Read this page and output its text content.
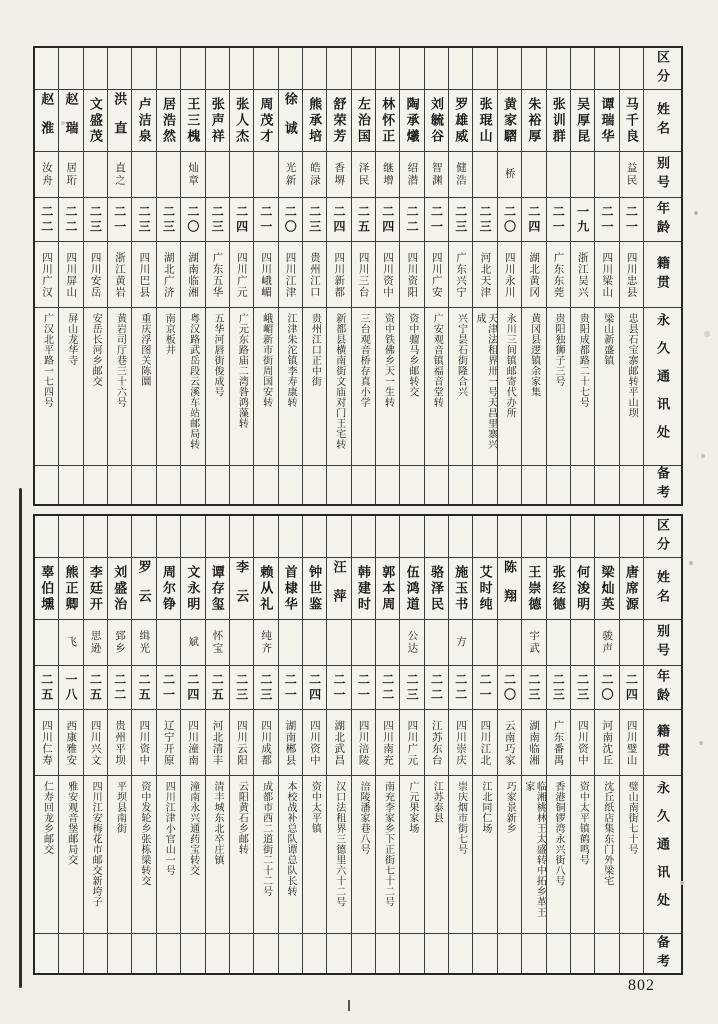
区分
姓名
别号
年龄
籍贯
永久通讯处
备考
马千良
益民
二一
四川忠县
忠县石宝寨邮转平山坝
谭瑞华
二一
四川梁山
梁山新盛镇
吴厚昆
一九
浙江吴兴
贵阳成都路二十七号
张训群
二一
广东东莞
贵阳独狮子三号
朱裕厚
二四
湖北黄冈
黄冈县逻镇余家集
黄家騽
桥
二〇
四川永川
永川三间镇邮寄代办所
张琨山
二三
河北天津
天津法租界卅一号天昌里寨兴成
罗雄威
健浩
二三
广东兴宁
兴宁昙石街隆合兴
刘毓谷
智渊
二一
四川广安
广安观音镇福音堂转
陶承爔
绍潜
二二
四川资阳
资中骝马乡邮转交
林怀正
继增
二四
四川资中
资中铁佛乡天一生转
左治国
泽民
二五
四川三台
三台观音桥存真小学
舒荣芳
香堺
二四
四川新都
新都县横南街文庙对门王宅转
熊承培
皓渌
二三
贵州江口
贵州江口正中街
徐诚
光新
二〇
四川江津
江津朱沱镇李寿康转
周茂才
二一
四川峨嵋
峨嵋新市街周国安转
张人杰
二四
四川广元
广元东路庙二湾昝鸿藻转
张声祥
二三
广东五华
五华河唇街俊成号
王三槐
灿章
二〇
湖南临湘
粤汉路武岳段云溪车站邮局转
居浩然
二三
湖北广济
南京板井
卢洁泉
二三
四川巴县
重庆浮图关陈圜
洪直
直之
二一
浙江黄岩
黄岩司厅巷三十六号
文盛茂
二三
四川安岳
安岳长河乡邮交
赵瑞
居珩
二二
四川屏山
屏山龙华寺
赵淮
汝舟
二二
四川广汉
广汉北平路一七四号
区分
姓名
别号
年龄
籍贯
永久通讯处
备考
唐席源
二四
四川璧山
璧山南街七十号
梁灿英
骏声
二〇
河南沈丘
沈丘纸店集东门外梁宅
何浚明
二三
四川资中
资中太平镇鹤鸣号
张经德
二三
广东番禺
香港铜锣湾永兴街八号
王崇德
宇武
二三
湖南临湘
临湘桃林王太盛转中拓乡革王家
陈翔
二〇
云南巧家
巧家景新乡
艾时纯
二一
四川江北
江北同仁场
施玉书
方
二二
四川崇庆
崇庆烟市街七号
骆泽民
二二
江苏东台
江苏泰县
伍鸿道
公达
二三
四川广元
广元果家场
郭本周
二二
四川南充
南充李家乡下正街七十二号
韩建时
二一
四川涪陵
涪陵潘家巷八号
汪萍
二一
湖北武昌
汉口法租界三德里六十二号
钟世鉴
二四
四川资中
资中太平镇
首棣华
二一
湖南郴县
本校战补总队谭总队长转
赖从礼
纯齐
二三
四川成都
成都市西二道街二十二号
李云
二三
四川云阳
云阳黄石乡邮转
谭存玺
怀宝
二五
河北清丰
清丰城东北卒庄镇
文永明
斌
二四
四川潼南
潼南永兴通药宝转交
周尔铮
二一
辽宁开原
四川江津小官山一号
罗云
缉光
二五
四川资中
资中发轮乡张栋梁转交
刘盛治
郅乡
二二
贵州平坝
平坝县南街
李廷开
思逊
二五
四川兴文
四川江安梅花市邮交新垮子
熊正卿
飞
一八
西康雅安
雅安观音堡邮局交
辜伯壎
二五
四川仁寿
仁寿回龙乡邮交
802
